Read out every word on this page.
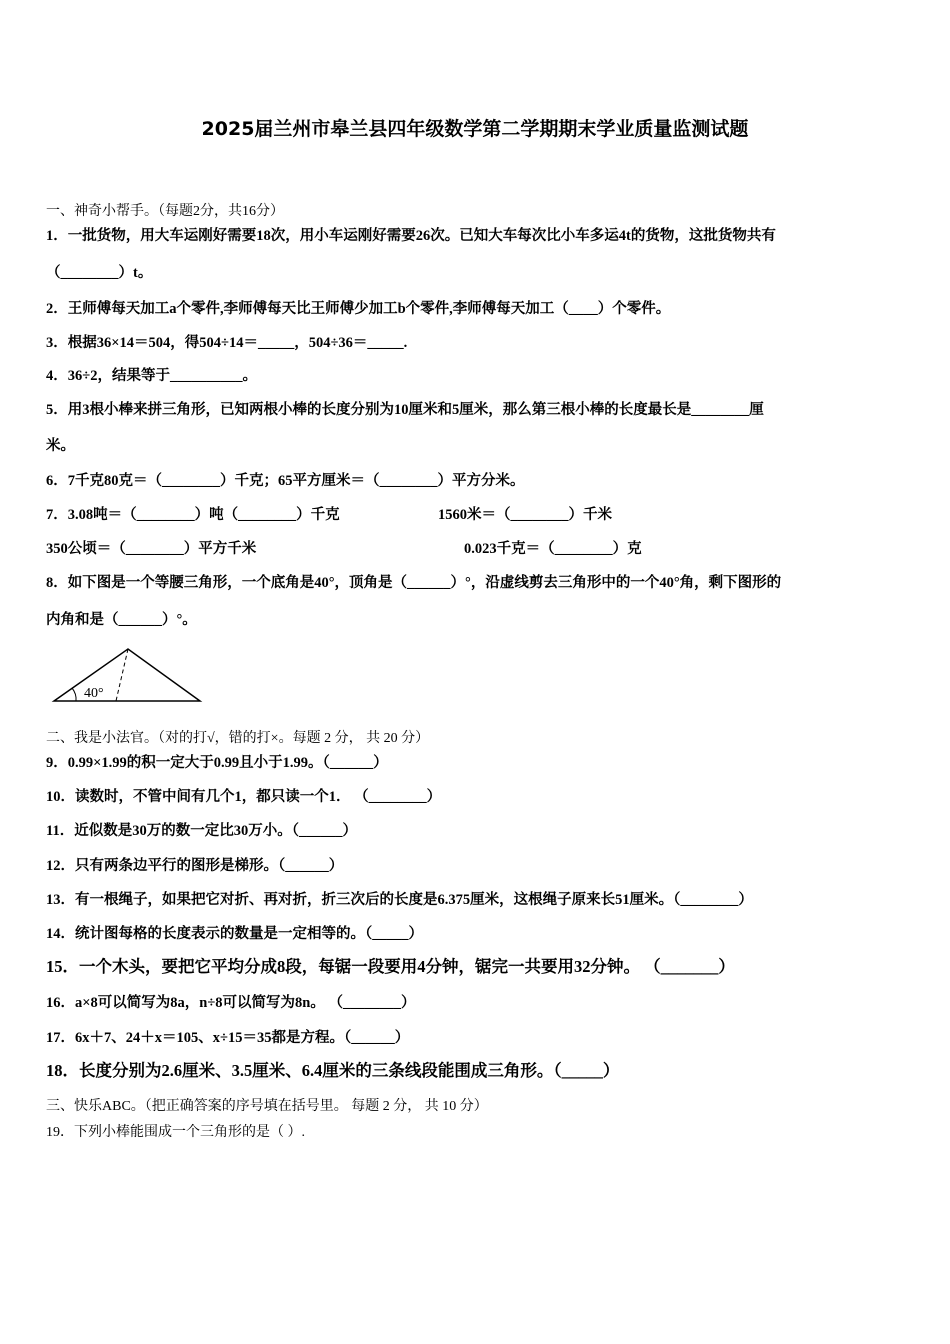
2025届兰州市皋兰县四年级数学第二学期期末学业质量监测试题
一、神奇小帮手。（每题2分，共16分）
1．一批货物，用大车运刚好需要18次，用小车运刚好需要26次。已知大车每次比小车多运4t的货物，这批货物共有
（________）t。
2．王师傅每天加工a个零件,李师傅每天比王师傅少加工b个零件,李师傅每天加工（____）个零件。
3．根据36×14＝504，得504÷14＝_____，504÷36＝_____.
4．36÷2，结果等于__________。
5．用3根小棒来拼三角形，已知两根小棒的长度分别为10厘米和5厘米，那么第三根小棒的长度最长是________厘
米。
6．7千克80克＝（________）千克；65平方厘米＝（________）平方分米。
7．3.08吨＝（________）吨（________）千克	1560米＝（________）千米
350公顷＝（________）平方千米	0.023千克＝（________）克
8．如下图是一个等腰三角形，一个底角是40°，顶角是（______）°，沿虚线剪去三角形中的一个40°角，剩下图形的
内角和是（______）°。
40°
二、我是小法官。（对的打√，错的打×。每题 2 分， 共 20 分）
9．0.99×1.99的积一定大于0.99且小于1.99。（______）
10．读数时，不管中间有几个1，都只读一个1． （________）
11．近似数是30万的数一定比30万小。（______）
12．只有两条边平行的图形是梯形。（______）
13．有一根绳子，如果把它对折、再对折，折三次后的长度是6.375厘米，这根绳子原来长51厘米。（________）
14．统计图每格的长度表示的数量是一定相等的。（_____）
15．一个木头，要把它平均分成8段，每锯一段要用4分钟，锯完一共要用32分钟。 （_______）
16．a×8可以简写为8a，n÷8可以简写为8n。 （________）
17．6x＋7、24＋x＝105、x÷15＝35都是方程。（______）
18．长度分别为2.6厘米、3.5厘米、6.4厘米的三条线段能围成三角形。（_____）
三、快乐ABC。（把正确答案的序号填在括号里。 每题 2 分， 共 10 分）
19．下列小棒能围成一个三角形的是（ ）.
